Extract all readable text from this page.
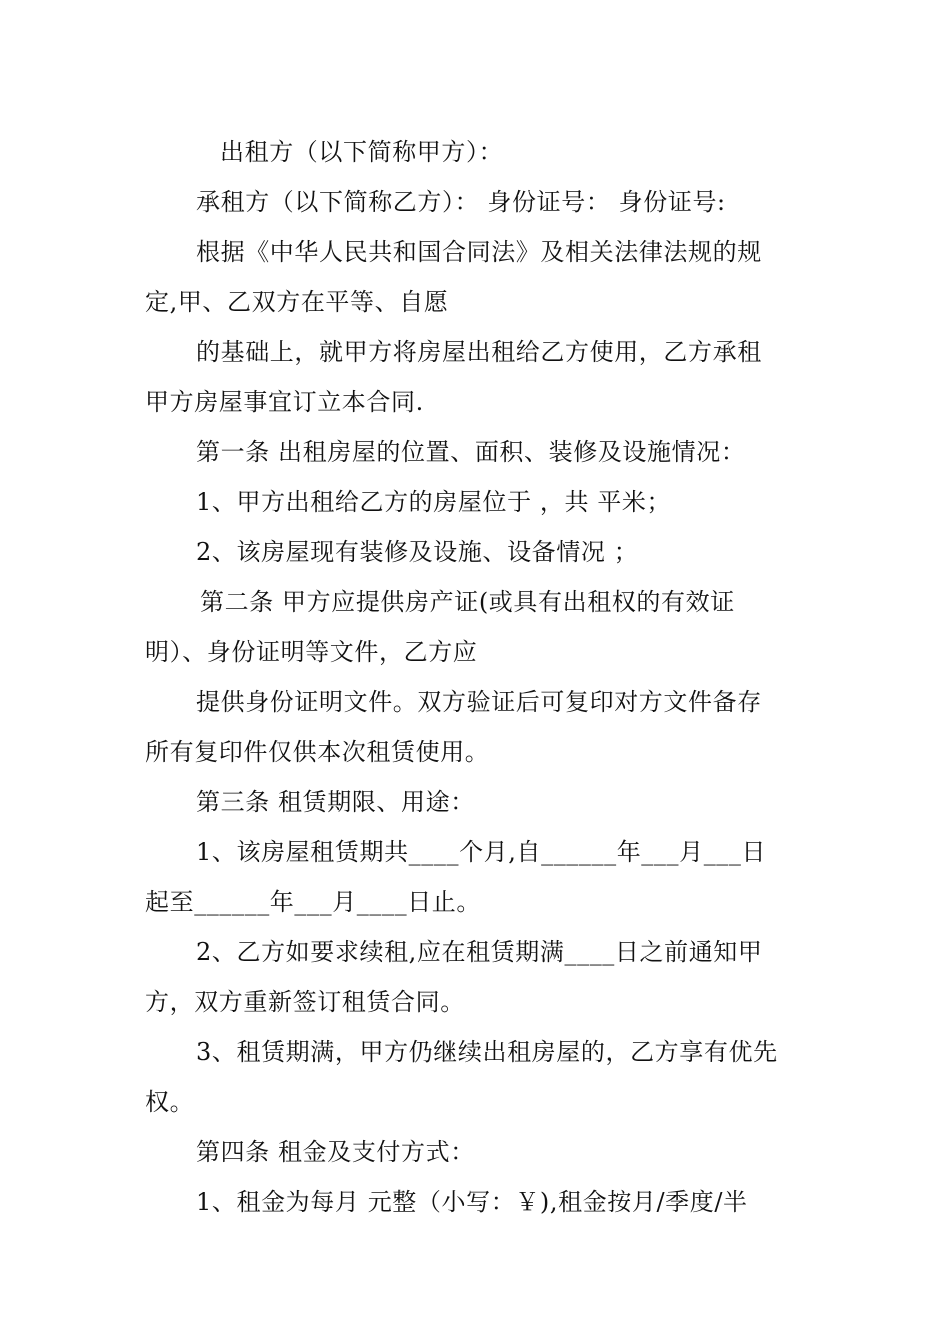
出租方（以下简称甲方）：
承租方（以下简称乙方）： 身份证号： 身份证号:
根据《中华人民共和国合同法》及相关法律法规的规
定,甲、乙双方在平等、自愿
的基础上，就甲方将房屋出租给乙方使用，乙方承租
甲方房屋事宜订立本合同.
第一条 出租房屋的位置、面积、装修及设施情况：
1、甲方出租给乙方的房屋位于 ，共 平米；
2、该房屋现有装修及设施、设备情况 ；
第二条 甲方应提供房产证(或具有出租权的有效证
明）、身份证明等文件，乙方应
提供身份证明文件。双方验证后可复印对方文件备存
所有复印件仅供本次租赁使用。
第三条 租赁期限、用途：
1、该房屋租赁期共____个月,自______年___月___日
起至______年___月____日止。
2、乙方如要求续租,应在租赁期满____日之前通知甲
方，双方重新签订租赁合同。
3、租赁期满，甲方仍继续出租房屋的，乙方享有优先
权。
第四条 租金及支付方式：
1、租金为每月 元整（小写：￥),租金按月/季度/半
